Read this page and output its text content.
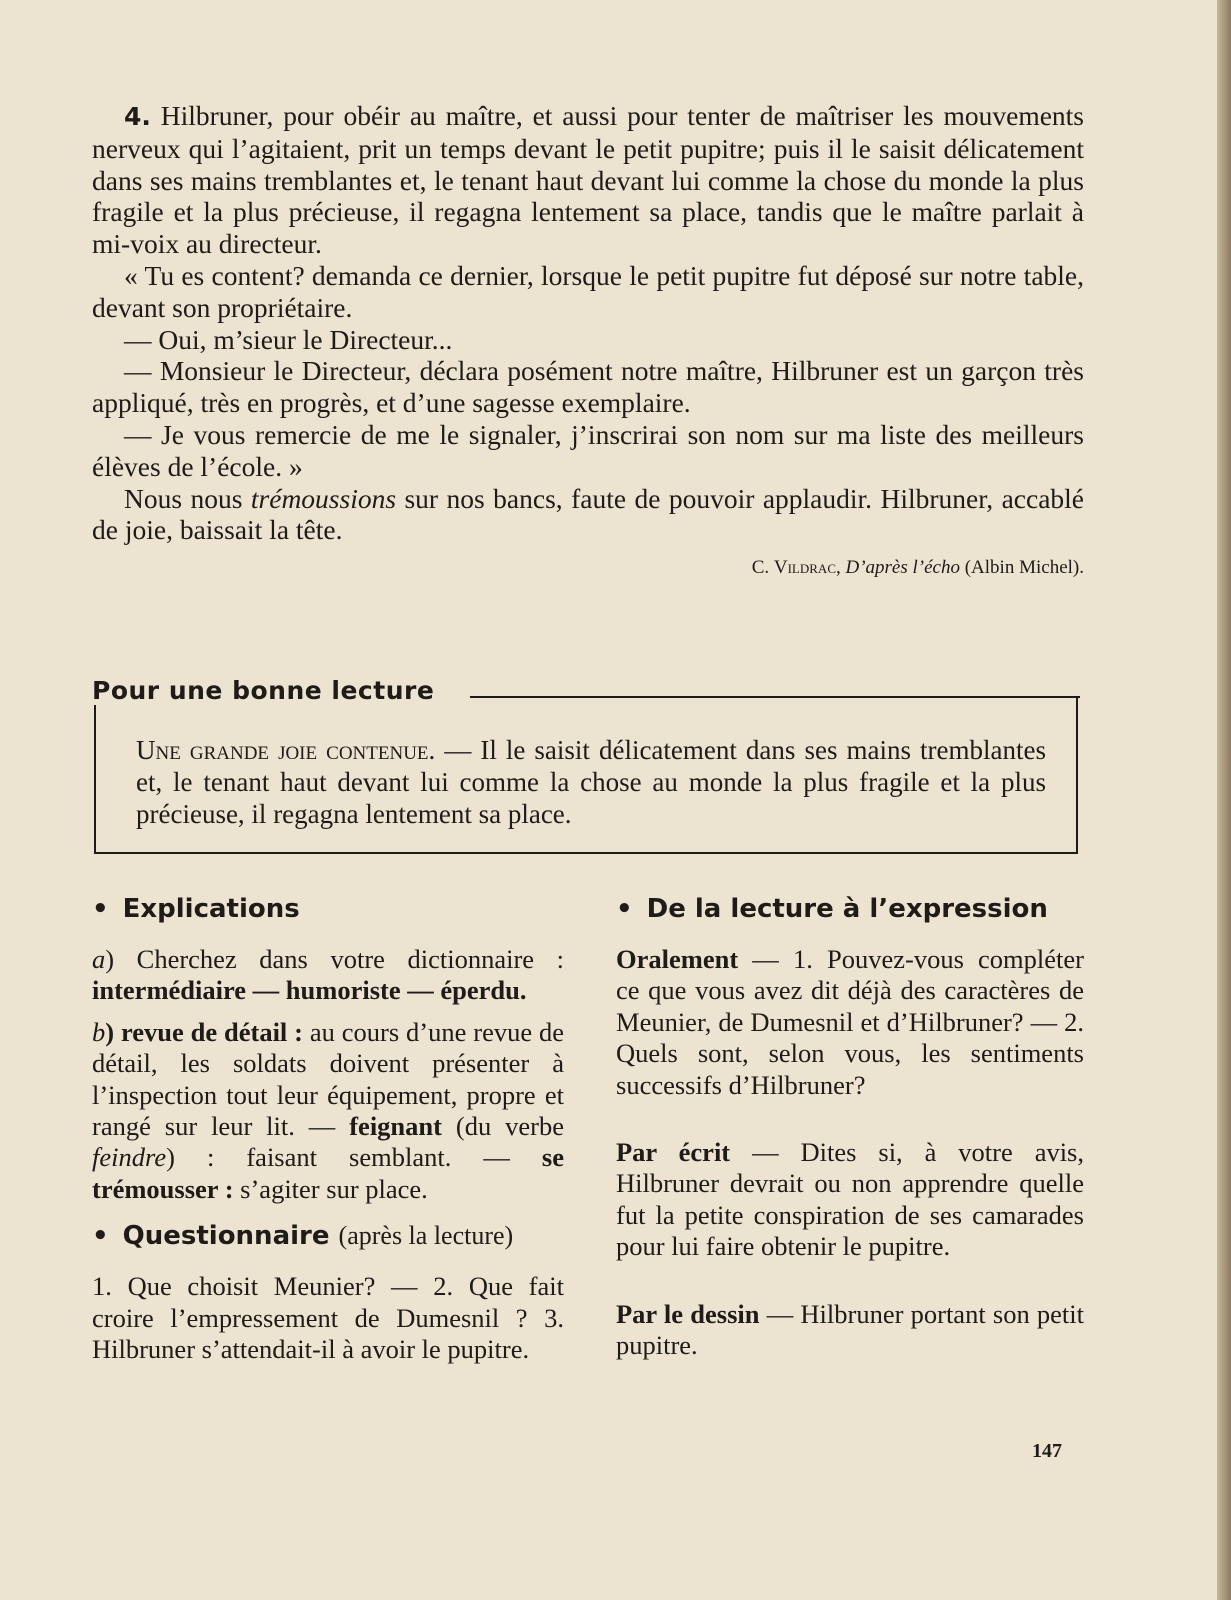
4. Hilbruner, pour obéir au maître, et aussi pour tenter de maîtriser les mouvements nerveux qui l’agitaient, prit un temps devant le petit pupitre; puis il le saisit délicatement dans ses mains tremblantes et, le tenant haut devant lui comme la chose du monde la plus fragile et la plus précieuse, il regagna lentement sa place, tandis que le maître parlait à mi-voix au directeur.

« Tu es content? demanda ce dernier, lorsque le petit pupitre fut déposé sur notre table, devant son propriétaire.

— Oui, m’sieur le Directeur...

— Monsieur le Directeur, déclara posément notre maître, Hilbruner est un garçon très appliqué, très en progrès, et d’une sagesse exemplaire.

— Je vous remercie de me le signaler, j’inscrirai son nom sur ma liste des meilleurs élèves de l’école. »

Nous nous trémoussions sur nos bancs, faute de pouvoir applaudir. Hilbruner, accablé de joie, baissait la tête.

C. Vildrac, D’après l’écho (Albin Michel).

Pour une bonne lecture
Une grande joie contenue. — Il le saisit délicatement dans ses mains tremblantes et, le tenant haut devant lui comme la chose au monde la plus fragile et la plus précieuse, il regagna lentement sa place.
• Explications

a) Cherchez dans votre dictionnaire : intermédiaire — humoriste — éperdu.

b) revue de détail : au cours d’une revue de détail, les soldats doivent présenter à l’inspection tout leur équipement, propre et rangé sur leur lit. — feignant (du verbe feindre) : faisant semblant. — se trémousser : s’agiter sur place.

• Questionnaire (après la lecture)

1. Que choisit Meunier? — 2. Que fait croire l’empressement de Dumesnil ? 3. Hilbruner s’attendait-il à avoir le pupitre.

• De la lecture à l’expression

Oralement — 1. Pouvez-vous compléter ce que vous avez dit déjà des caractères de Meunier, de Dumesnil et d’Hilbruner? — 2. Quels sont, selon vous, les sentiments successifs d’Hilbruner?

Par écrit — Dites si, à votre avis, Hilbruner devrait ou non apprendre quelle fut la petite conspiration de ses camarades pour lui faire obtenir le pupitre.

Par le dessin — Hilbruner portant son petit pupitre.

147
